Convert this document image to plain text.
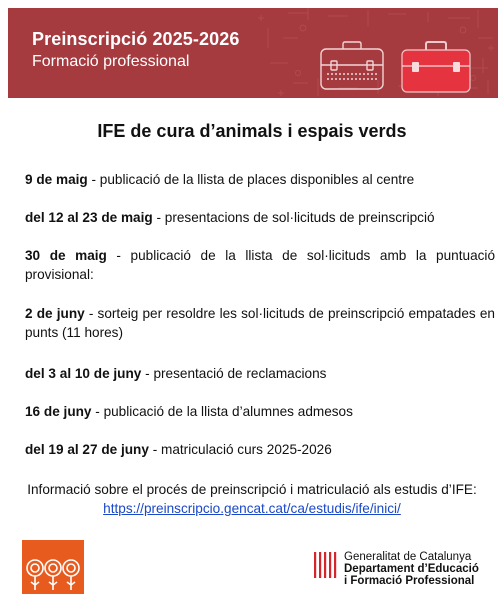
Preinscripció 2025-2026
Formació professional
IFE de cura d’animals i espais verds
9 de maig - publicació de la llista de places disponibles al centre
del 12 al 23 de maig - presentacions de sol·licituds de preinscripció
30 de maig - publicació de la llista de sol·licituds amb la puntuació provisional:
2 de juny - sorteig per resoldre les sol·licituds de preinscripció empatades en punts (11 hores)
del 3 al 10 de juny - presentació de reclamacions
16 de juny - publicació de la llista d’alumnes admesos
del 19 al 27 de juny - matriculació curs 2025-2026
Informació sobre el procés de preinscripció i matriculació als estudis d’IFE:
https://preinscripcio.gencat.cat/ca/estudis/ife/inici/
Generalitat de Catalunya
Departament d’Educació
i Formació Professional
